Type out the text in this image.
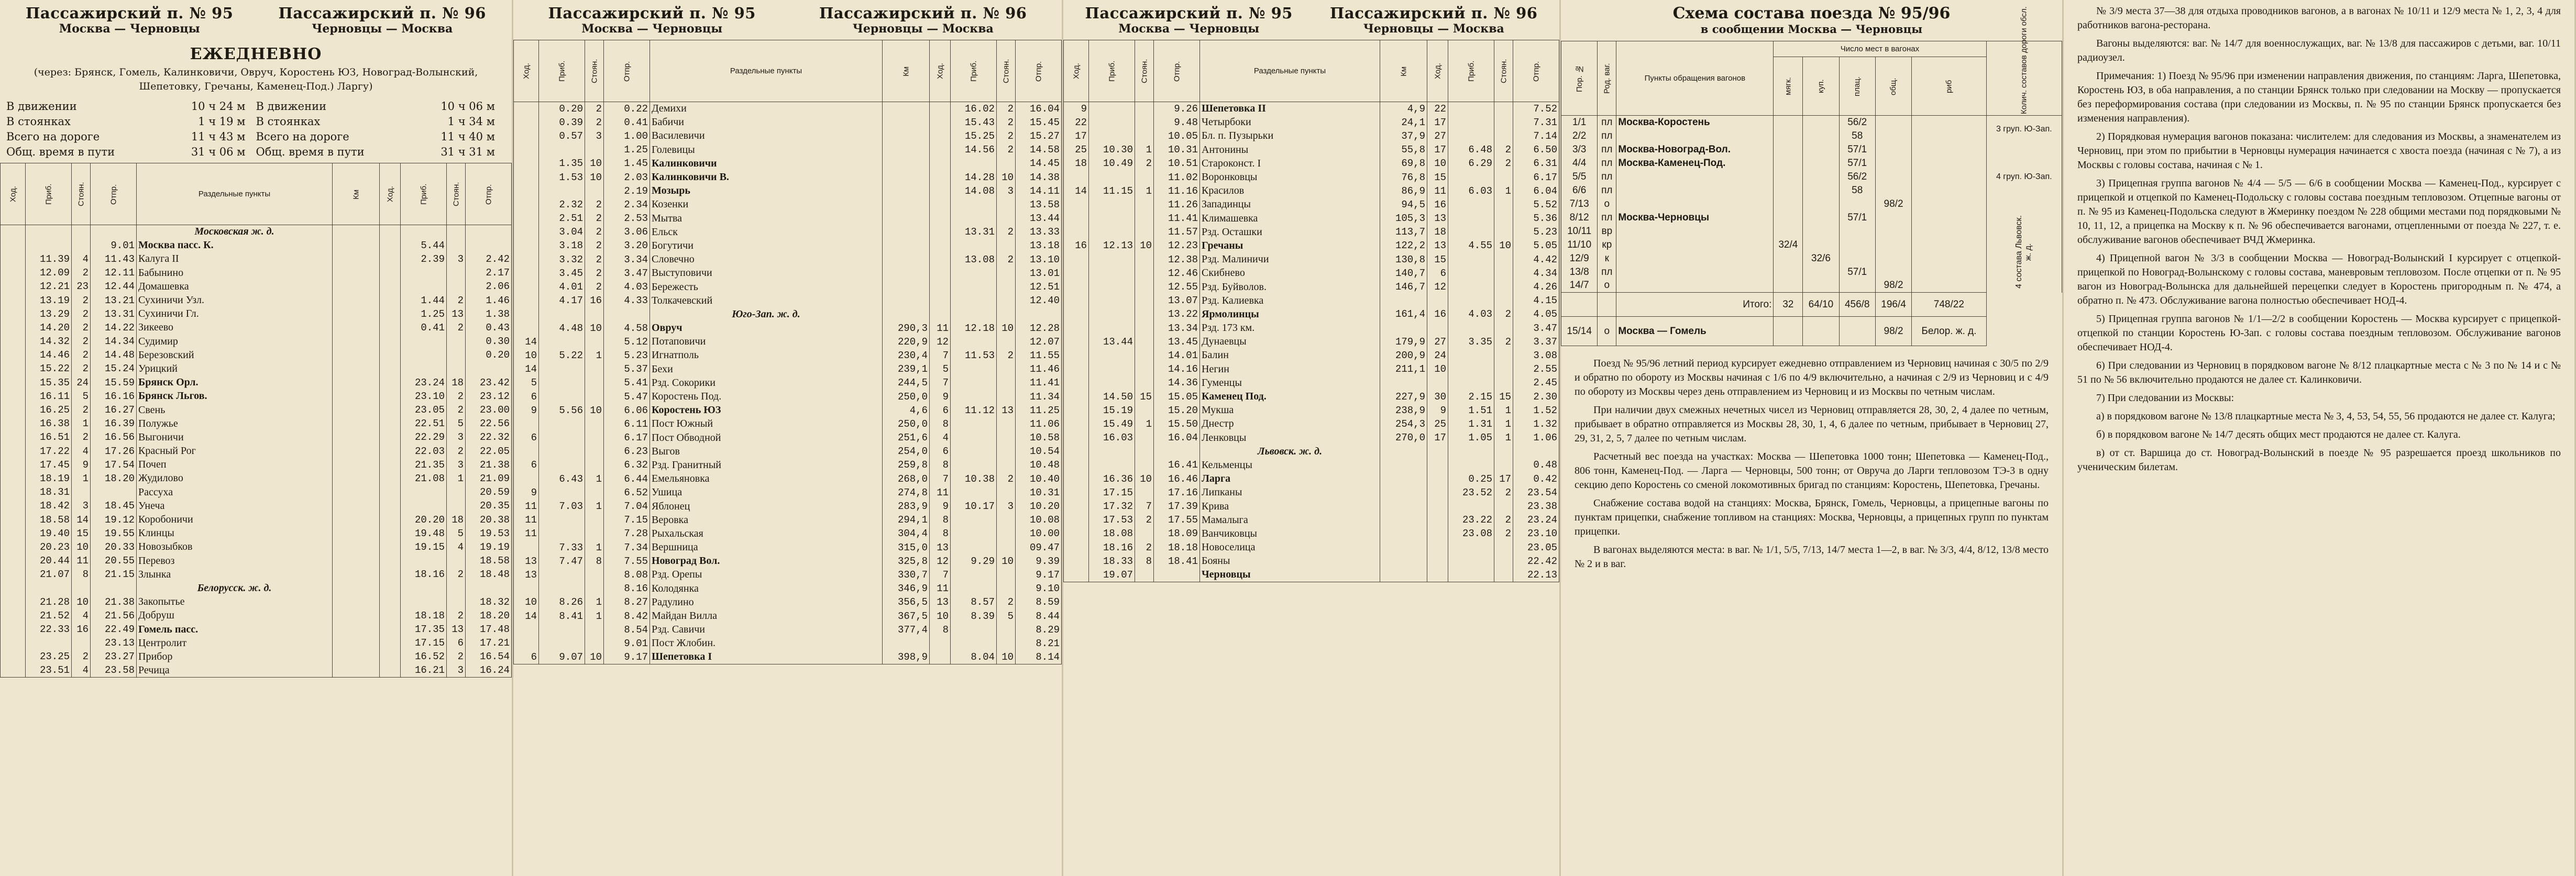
Пассажирский п. № 95
Москва — Черновцы
Пассажирский п. № 96
Черновцы — Москва
ЕЖЕДНЕВНО
(через: Брянск, Гомель, Калинковичи, Овруч, Коростень ЮЗ, Новоград-Волынский, Шепетовку, Гречаны, Каменец-Под.) Ларгу)
В движении	10 ч 24 м В движении	10 ч 06 м
В стоянках	1 ч 19 м В стоянках	1 ч 34 м
Всего на дороге	11 ч 43 м Всего на дороге	11 ч 40 м
Общ. время в пути	31 ч 06 м Общ. время в пути	31 ч 31 м
Ход.	Приб.	Стоян.	Отпр.	Раздельные пункты	Км	Ход.	Приб.	Стоян.	Отпр.
				Московская ж. д.					
			9.01	Москва пасс. К.			5.44		
	11.39	4	11.43	Калуга II			2.39	3	2.42
	12.09	2	12.11	Бабынино					2.17
	12.21	23	12.44	Домашевка					2.06
	13.19	2	13.21	Сухиничи Узл.			1.44	2	1.46
	13.29	2	13.31	Сухиничи Гл.			1.25	13	1.38
	14.20	2	14.22	Зикеево			0.41	2	0.43
	14.32	2	14.34	Судимир					0.30
	14.46	2	14.48	Березовский					0.20
	15.22	2	15.24	Урицкий					
	15.35	24	15.59	Брянск Орл.			23.24	18	23.42
	16.11	5	16.16	Брянск Льгов.			23.10	2	23.12
	16.25	2	16.27	Свень			23.05	2	23.00
	16.38	1	16.39	Полужье			22.51	5	22.56
	16.51	2	16.56	Выгоничи			22.29	3	22.32
	17.22	4	17.26	Красный Рог			22.03	2	22.05
	17.45	9	17.54	Почеп			21.35	3	21.38
	18.19	1	18.20	Жудилово			21.08	1	21.09
	18.31			Рассуха					20.59
	18.42	3	18.45	Унеча					20.35
	18.58	14	19.12	Коробоничи			20.20	18	20.38
	19.40	15	19.55	Клинцы			19.48	5	19.53
	20.23	10	20.33	Новозыбков			19.15	4	19.19
	20.44	11	20.55	Перевоз					18.58
	21.07	8	21.15	Злынка			18.16	2	18.48
				Белорусск. ж. д.					
	21.28	10	21.38	Закопытье					18.32
	21.52	4	21.56	Добруш			18.18	2	18.20
	22.33	16	22.49	Гомель пасс.			17.35	13	17.48
			23.13	Центролит			17.15	6	17.21
	23.25	2	23.27	Прибор			16.52	2	16.54
	23.51	4	23.58	Речица			16.21	3	16.24
Пассажирский п. № 95
Москва — Черновцы
Пассажирский п. № 96
Черновцы — Москва
Ход.	Приб.	Стоян.	Отпр.	Раздельные пункты	Км	Ход.	Приб.	Стоян.	Отпр.
	0.20	2	0.22	Демихи			16.02	2	16.04
	0.39	2	0.41	Бабичи			15.43	2	15.45
	0.57	3	1.00	Василевичи			15.25	2	15.27
			1.25	Голевицы			14.56	2	14.58
	1.35	10	1.45	Калинковичи					14.45
	1.53	10	2.03	Калинковичи В.			14.28	10	14.38
			2.19	Мозырь			14.08	3	14.11
	2.32	2	2.34	Козенки					13.58
	2.51	2	2.53	Мытва					13.44
	3.04	2	3.06	Ельск			13.31	2	13.33
	3.18	2	3.20	Богутичи					13.18
	3.32	2	3.34	Словечно			13.08	2	13.10
	3.45	2	3.47	Выступовичи					13.01
	4.01	2	4.03	Бережесть					12.51
	4.17	16	4.33	Толкачевский					12.40
				Юго-Зап. ж. д.					
	4.48	10	4.58	Овруч	290,3	11	12.18	10	12.28
14			5.12	Потаповичи	220,9	12			12.07
10	5.22	1	5.23	Игнатполь	230,4	7	11.53	2	11.55
14			5.37	Бехи	239,1	5			11.46
5			5.41	Рзд. Сокорики	244,5	7			11.41
6			5.47	Коростень Под.	250,0	9			11.34
9	5.56	10	6.06	Коростень ЮЗ	4,6	6	11.12	13	11.25
			6.11	Пост Южный	250,0	8			11.06
6			6.17	Пост Обводной	251,6	4			10.58
			6.23	Выгов	254,0	6			10.54
6			6.32	Рзд. Гранитный	259,8	8			10.48
	6.43	1	6.44	Емельяновка	268,0	7	10.38	2	10.40
9			6.52	Ушица	274,8	11			10.31
11	7.03	1	7.04	Яблонец	283,9	9	10.17	3	10.20
11			7.15	Веровка	294,1	8			10.08
11			7.28	Рыхальская	304,4	8			10.00
	7.33	1	7.34	Вершница	315,0	13			09.47
13	7.47	8	7.55	Новоград Вол.	325,8	12	9.29	10	9.39
13			8.08	Рзд. Орепы	330,7	7			9.17
			8.16	Колодянка	346,9	11			9.10
10	8.26	1	8.27	Радулино	356,5	13	8.57	2	8.59
14	8.41	1	8.42	Майдан Вилла	367,5	10	8.39	5	8.44
			8.54	Рзд. Савичи	377,4	8			8.29
			9.01	Пост Жлобин.					8.21
6	9.07	10	9.17	Шепетовка I	398,9		8.04	10	8.14
Пассажирский п. № 95
Москва — Черновцы
Пассажирский п. № 96
Черновцы — Москва
Ход.	Приб.	Стоян.	Отпр.	Раздельные пункты	Км	Ход.	Приб.	Стоян.	Отпр.
9			9.26	Шепетовка II	4,9	22			7.52
22			9.48	Четырбоки	24,1	17			7.31
17			10.05	Бл. п. Пузырьки	37,9	27			7.14
25	10.30	1	10.31	Антонины	55,8	17	6.48	2	6.50
18	10.49	2	10.51	Староконст. I	69,8	10	6.29	2	6.31
			11.02	Воронковцы	76,8	15			6.17
14	11.15	1	11.16	Красилов	86,9	11	6.03	1	6.04
			11.26	Западинцы	94,5	16			5.52
			11.41	Климашевка	105,3	13			5.36
			11.57	Рзд. Осташки	113,7	18			5.23
16	12.13	10	12.23	Гречаны	122,2	13	4.55	10	5.05
			12.38	Рзд. Малиничи	130,8	15			4.42
			12.46	Скибнево	140,7	6			4.34
			12.55	Рзд. Буйволов.	146,7	12			4.26
			13.07	Рзд. Калиевка					4.15
			13.22	Ярмолинцы	161,4	16	4.03	2	4.05
			13.34	Рзд. 173 км.					3.47
	13.44		13.45	Дунаевцы	179,9	27	3.35	2	3.37
			14.01	Балин	200,9	24			3.08
			14.16	Негин	211,1	10			2.55
			14.36	Гуменцы					2.45
	14.50	15	15.05	Каменец Под.	227,9	30	2.15	15	2.30
	15.19		15.20	Мукша	238,9	9	1.51	1	1.52
	15.49	1	15.50	Днестр	254,3	25	1.31	1	1.32
	16.03		16.04	Ленковцы	270,0	17	1.05	1	1.06
				Львовск. ж. д.					
			16.41	Кельменцы					0.48
	16.36	10	16.46	Ларга			0.25	17	0.42
	17.15		17.16	Липканы			23.52	2	23.54
	17.32	7	17.39	Крива					23.38
	17.53	2	17.55	Мамалыга			23.22	2	23.24
	18.08		18.09	Ванчиковцы			23.08	2	23.10
	18.16	2	18.18	Новоселица					23.05
	18.33	8	18.41	Бояны					22.42
	19.07			Черновцы					22.13
Схема состава поезда № 95/96
в сообщении Москва — Черновцы
Пор. №	Род. ваг.	Пункты обращения вагонов	Число мест в вагонах					Колич. составов дороги обсл.
			мягк.	куп.	плац.	общ.	риб	
1/1	пл	Москва-Коростень			56/2			3 груп. Ю-Зап.
2/2	пл				58			
3/3	пл	Москва-Новоград-Вол.			57/1			4 груп. Ю-Зап.
4/4	пл	Москва-Каменец-Под.			57/1			
5/5	пл				56/2			
6/6	пл				58			
7/13	о					98/2		
8/12	пл	Москва-Черновцы			57/1			4 состава Львовск. ж. д.
10/11	вр							
11/10	кр		32/4					
12/9	к			32/6				
13/8	пл				57/1			
14/7	о					98/2		
		Итого:	32	64/10	456/8	196/4	748/22	
15/14	о	Москва — Гомель				98/2	Белор. ж. д.	

Поезд № 95/96 летний период курсирует ежедневно отправлением из Черновиц начиная с 30/5 по 2/9 и обратно по обороту из Москвы начиная с 1/6 по 4/9 включительно, а начиная с 2/9 из Черновиц и с 4/9 по обороту из Москвы через день отправлением из Черновиц и из Москвы по четным числам.

При наличии двух смежных нечетных чисел из Черновиц отправляется 28, 30, 2, 4 далее по четным, прибывает в обратно отправляется из Москвы 28, 30, 1, 4, 6 далее по четным, прибывает в Черновиц 27, 29, 31, 2, 5, 7 далее по четным числам.

Расчетный вес поезда на участках: Москва — Шепетовка 1000 тонн; Шепетовка — Каменец-Под., 806 тонн, Каменец-Под. — Ларга — Черновцы, 500 тонн; от Овруча до Ларги тепловозом ТЭ-3 в одну секцию депо Коростень со сменой локомотивных бригад по станциям: Коростень, Шепетовка, Гречаны.

Снабжение состава водой на станциях: Москва, Брянск, Гомель, Черновцы, а прицепные вагоны по пунктам прицепки, снабжение топливом на станциях: Москва, Черновцы, а прицепных групп по пунктам прицепки.

В вагонах выделяются места: в ваг. № 1/1, 5/5, 7/13, 14/7 места 1—2, в ваг. № 3/3, 4/4, 8/12, 13/8 место № 2 и в ваг.

№ 3/9 места 37—38 для отдыха проводников вагонов, а в вагонах № 10/11 и 12/9 места № 1, 2, 3, 4 для работников вагона-ресторана.

Вагоны выделяются: ваг. № 14/7 для военнослужащих, ваг. № 13/8 для пассажиров с детьми, ваг. 10/11 радиоузел.

Примечания: 1) Поезд № 95/96 при изменении направления движения, по станциям: Ларга, Шепетовка, Коростень ЮЗ, в оба направления, а по станции Брянск только при следовании на Москву — пропускается без переформирования состава (при следовании из Москвы, п. № 95 по станции Брянск пропускается без изменения направления).

2) Порядковая нумерация вагонов показана: числителем: для следования из Москвы, а знаменателем из Черновиц, при этом по прибытии в Черновцы нумерация начинается с хвоста поезда (начиная с № 7), а из Москвы с головы состава, начиная с № 1.

3) Прицепная группа вагонов № 4/4 — 5/5 — 6/6 в сообщении Москва — Каменец-Под., курсирует с прицепкой и отцепкой по Каменец-Подольску с головы состава поездным тепловозом. Отцепные вагоны от п. № 95 из Каменец-Подольска следуют в Жмеринку поездом № 228 общими местами под порядковыми № 10, 11, 12, а прицепка на Москву к п. № 96 обеспечивается вагонами, отцепленными от поезда № 227, т. е. обслуживание вагонов обеспечивает ВЧД Жмеринка.

4) Прицепной вагон № 3/3 в сообщении Москва — Новоград-Волынский I курсирует с отцепкой-прицепкой по Новоград-Волынскому с головы состава, маневровым тепловозом. После отцепки от п. № 95 вагон из Новоград-Волынска для дальнейшей перецепки следует в Коростень пригородным п. № 474, а обратно п. № 473. Обслуживание вагона полностью обеспечивает НОД-4.

5) Прицепная группа вагонов № 1/1—2/2 в сообщении Коростень — Москва курсирует с прицепкой-отцепкой по станции Коростень Ю-Зап. с головы состава поездным тепловозом. Обслуживание вагонов обеспечивает НОД-4.

6) При следовании из Черновиц в порядковом вагоне № 8/12 плацкартные места с № 3 по № 14 и с № 51 по № 56 включительно продаются не далее ст. Калинковичи.

7) При следовании из Москвы:

а) в порядковом вагоне № 13/8 плацкартные места № 3, 4, 53, 54, 55, 56 продаются не далее ст. Калуга;

б) в порядковом вагоне № 14/7 десять общих мест продаются не далее ст. Калуга.

в) от ст. Варшица до ст. Новоград-Волынский в поезде № 95 разрешается проезд школьников по ученическим билетам.
